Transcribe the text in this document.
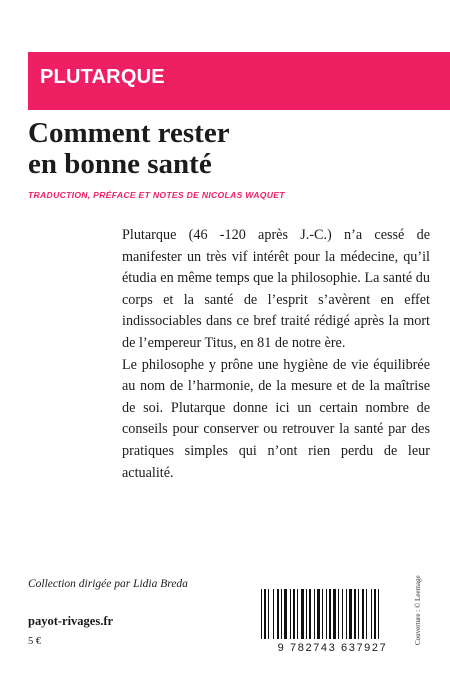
PLUTARQUE
Comment rester
en bonne santé
TRADUCTION, PRÉFACE ET NOTES DE NICOLAS WAQUET

Plutarque (46 -120 après J.-C.) n’a cessé de manifester un très vif intérêt pour la médecine, qu’il étudia en même temps que la philosophie. La santé du corps et la santé de l’esprit s’avèrent en effet indissociables dans ce bref traité rédigé après la mort de l’empereur Titus, en 81 de notre ère.

Le philosophe y prône une hygiène de vie équilibrée au nom de l’harmonie, de la mesure et de la maîtrise de soi. Plutarque donne ici un certain nombre de conseils pour conserver ou retrouver la santé par des pratiques simples qui n’ont rien perdu de leur actualité.

Collection dirigée par Lidia Breda
payot-rivages.fr
5 €
9 782743 637927
Couverture : © Leemage
